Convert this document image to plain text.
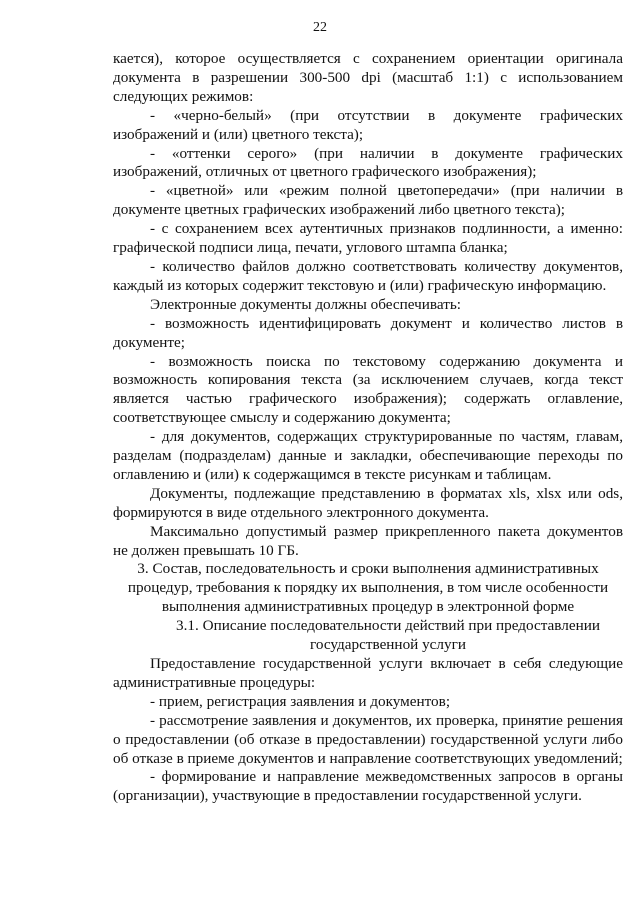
22

кается), которое осуществляется с сохранением ориентации оригинала документа в разрешении 300-500 dpi (масштаб 1:1) с использованием следующих режимов:

- «черно-белый» (при отсутствии в документе графических изображений и (или) цветного текста);

- «оттенки серого» (при наличии в документе графических изображений, отличных от цветного графического изображения);

- «цветной» или «режим полной цветопередачи» (при наличии в документе цветных графических изображений либо цветного текста);

- с сохранением всех аутентичных признаков подлинности, а именно: графической подписи лица, печати, углового штампа бланка;

- количество файлов должно соответствовать количеству документов, каждый из которых содержит текстовую и (или) графическую информацию.

Электронные документы должны обеспечивать:

- возможность идентифицировать документ и количество листов в документе;

- возможность поиска по текстовому содержанию документа и возможность копирования текста (за исключением случаев, когда текст является частью графического изображения); содержать оглавление, соответствующее смыслу и содержанию документа;

- для документов, содержащих структурированные по частям, главам, разделам (подразделам) данные и закладки, обеспечивающие переходы по оглавлению и (или) к содержащимся в тексте рисункам и таблицам.

Документы, подлежащие представлению в форматах xls, xlsx или ods, формируются в виде отдельного электронного документа.

Максимально допустимый размер прикрепленного пакета документов не должен превышать 10 ГБ.

3. Состав, последовательность и сроки выполнения административных процедур, требования к порядку их выполнения, в том числе особенности выполнения административных процедур в электронной форме

3.1. Описание последовательности действий при предоставлении государственной услуги

Предоставление государственной услуги включает в себя следующие административные процедуры:

- прием, регистрация заявления и документов;

- рассмотрение заявления и документов, их проверка, принятие решения о предоставлении (об отказе в предоставлении) государственной услуги либо об отказе в приеме документов и направление соответствующих уведомлений;

- формирование и направление межведомственных запросов в органы (организации), участвующие в предоставлении государственной услуги.
